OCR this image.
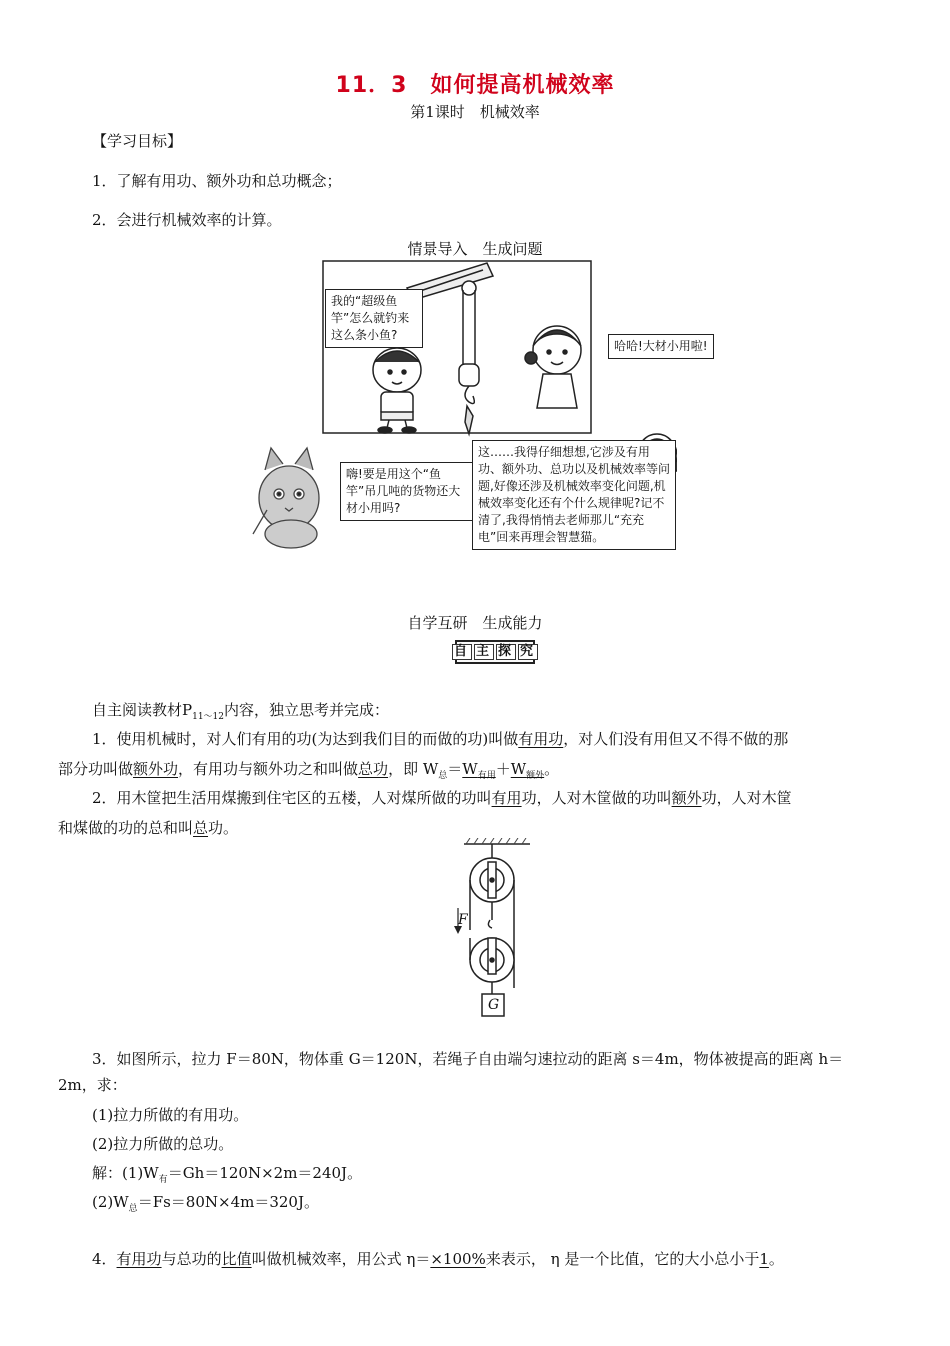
11．3　如何提高机械效率
第1课时　机械效率
【学习目标】
1．了解有用功、额外功和总功概念；
2．会进行机械效率的计算。
情景导入　生成问题
我的“超级鱼竿”怎么就钓来这么条小鱼?
哈哈!大材小用啦!
嗨!要是用这个“鱼竿”吊几吨的货物还大材小用吗?
这……我得仔细想想,它涉及有用功、额外功、总功以及机械效率等问题,好像还涉及机械效率变化问题,机械效率变化还有个什么规律呢?记不清了,我得悄悄去老师那儿“充充电”回来再理会智慧猫。
自学互研　生成能力
自 主 探 究
自主阅读教材$P_{11\sim 12}$内容，独立思考并完成：
1．使用机械时，对人们有用的功(为达到我们目的而做的功)叫做有用功，对人们没有用但又不得不做的那
部分功叫做额外功，有用功与额外功之和叫做总功，即 $W_总=W_{有用}+W_{额外}$。
2．用木筐把生活用煤搬到住宅区的五楼，人对煤所做的功叫有用功，人对木筐做的功叫额外功，人对木筐
和煤做的功的总和叫总功。
F
G
3．如图所示，拉力 F＝80N，物体重 G＝120N，若绳子自由端匀速拉动的距离 s＝4m，物体被提高的距离 h＝
2m，求：
(1)拉力所做的有用功。
(2)拉力所做的总功。
解：$(1)W_有=Gh=120N\times 2m=240J$。
$(2)W_总=Fs=80N\times 4m=320J$。
4．有用功与总功的比值叫做机械效率，用公式 η＝×100%来表示， η 是一个比值，它的大小总小于1。
